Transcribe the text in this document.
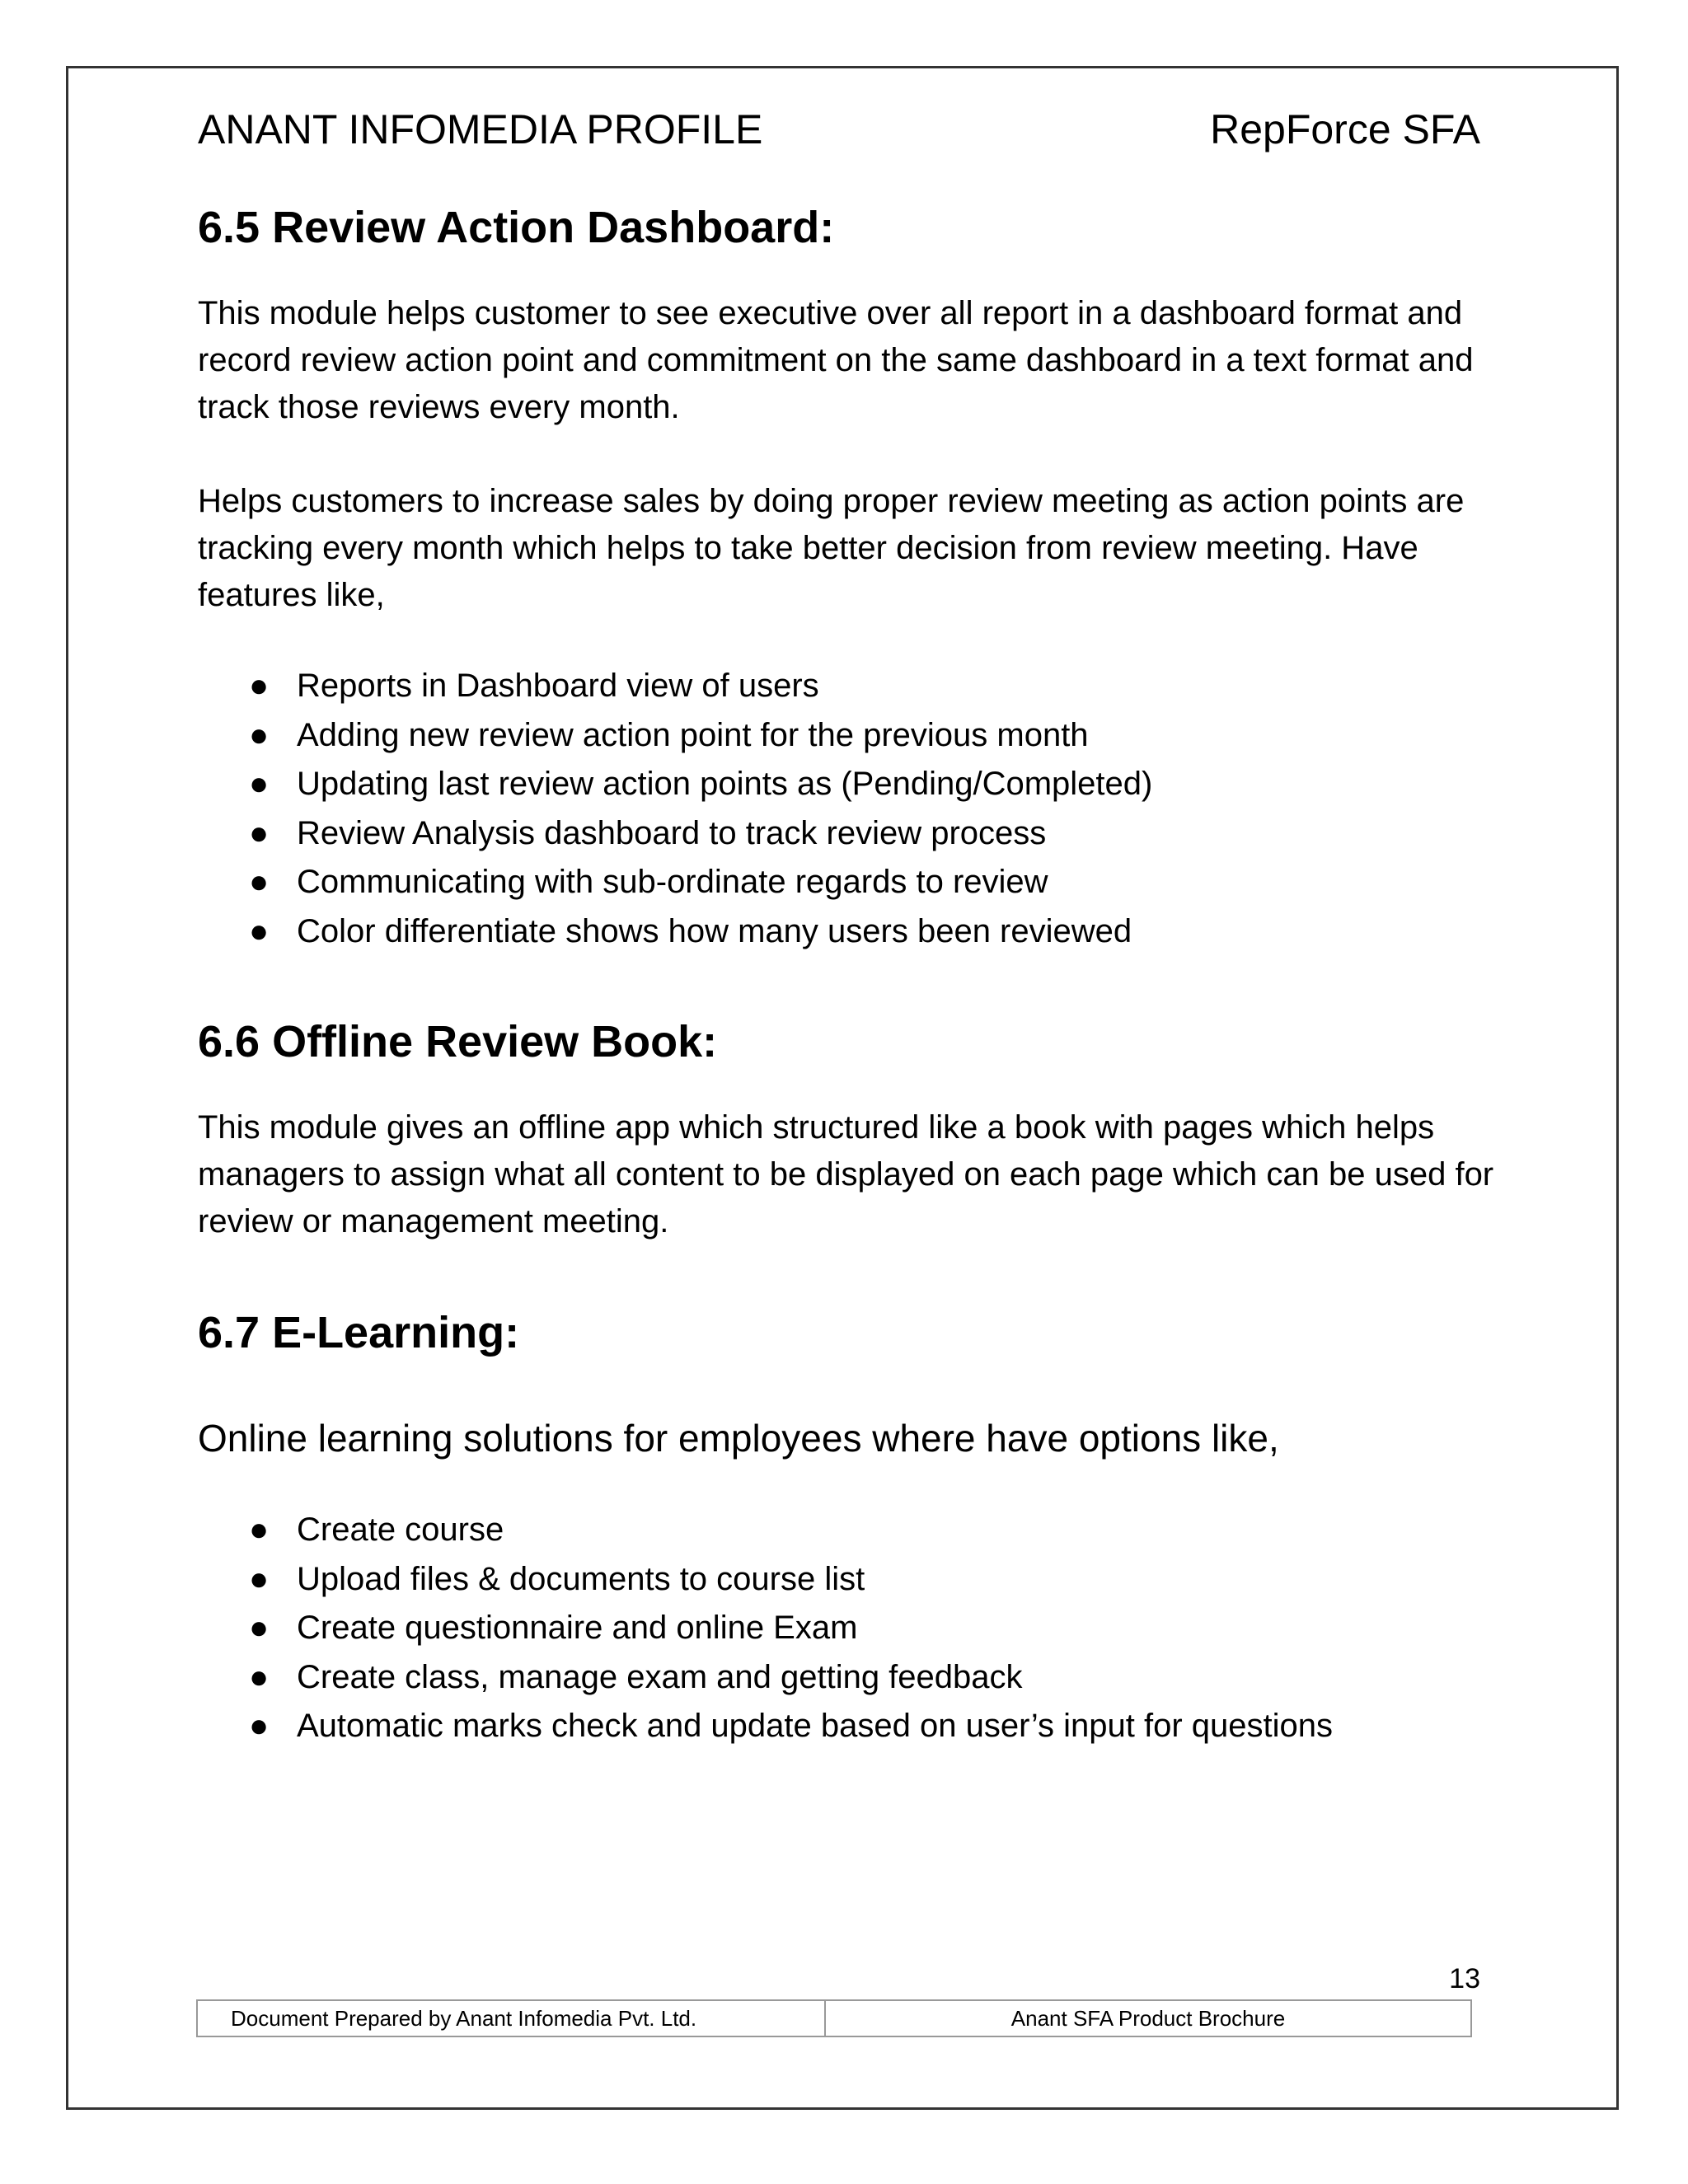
ANANT INFOMEDIA PROFILE	RepForce SFA
6.5 Review Action Dashboard:

This module helps customer to see executive over all report in a dashboard format and record review action point and commitment on the same dashboard in a text format and track those reviews every month.

Helps customers to increase sales by doing proper review meeting as action points are tracking every month which helps to take better decision from review meeting. Have features like,

● Reports in Dashboard view of users
● Adding new review action point for the previous month
● Updating last review action points as (Pending/Completed)
● Review Analysis dashboard to track review process
● Communicating with sub-ordinate regards to review
● Color differentiate shows how many users been reviewed
6.6 Offline Review Book:

This module gives an offline app which structured like a book with pages which helps managers to assign what all content to be displayed on each page which can be used for review or management meeting.

6.7 E-Learning:

Online learning solutions for employees where have options like,

● Create course
● Upload files & documents to course list
● Create questionnaire and online Exam
● Create class, manage exam and getting feedback
● Automatic marks check and update based on user’s input for questions
13
Document Prepared by Anant Infomedia Pvt. Ltd.	Anant SFA Product Brochure
